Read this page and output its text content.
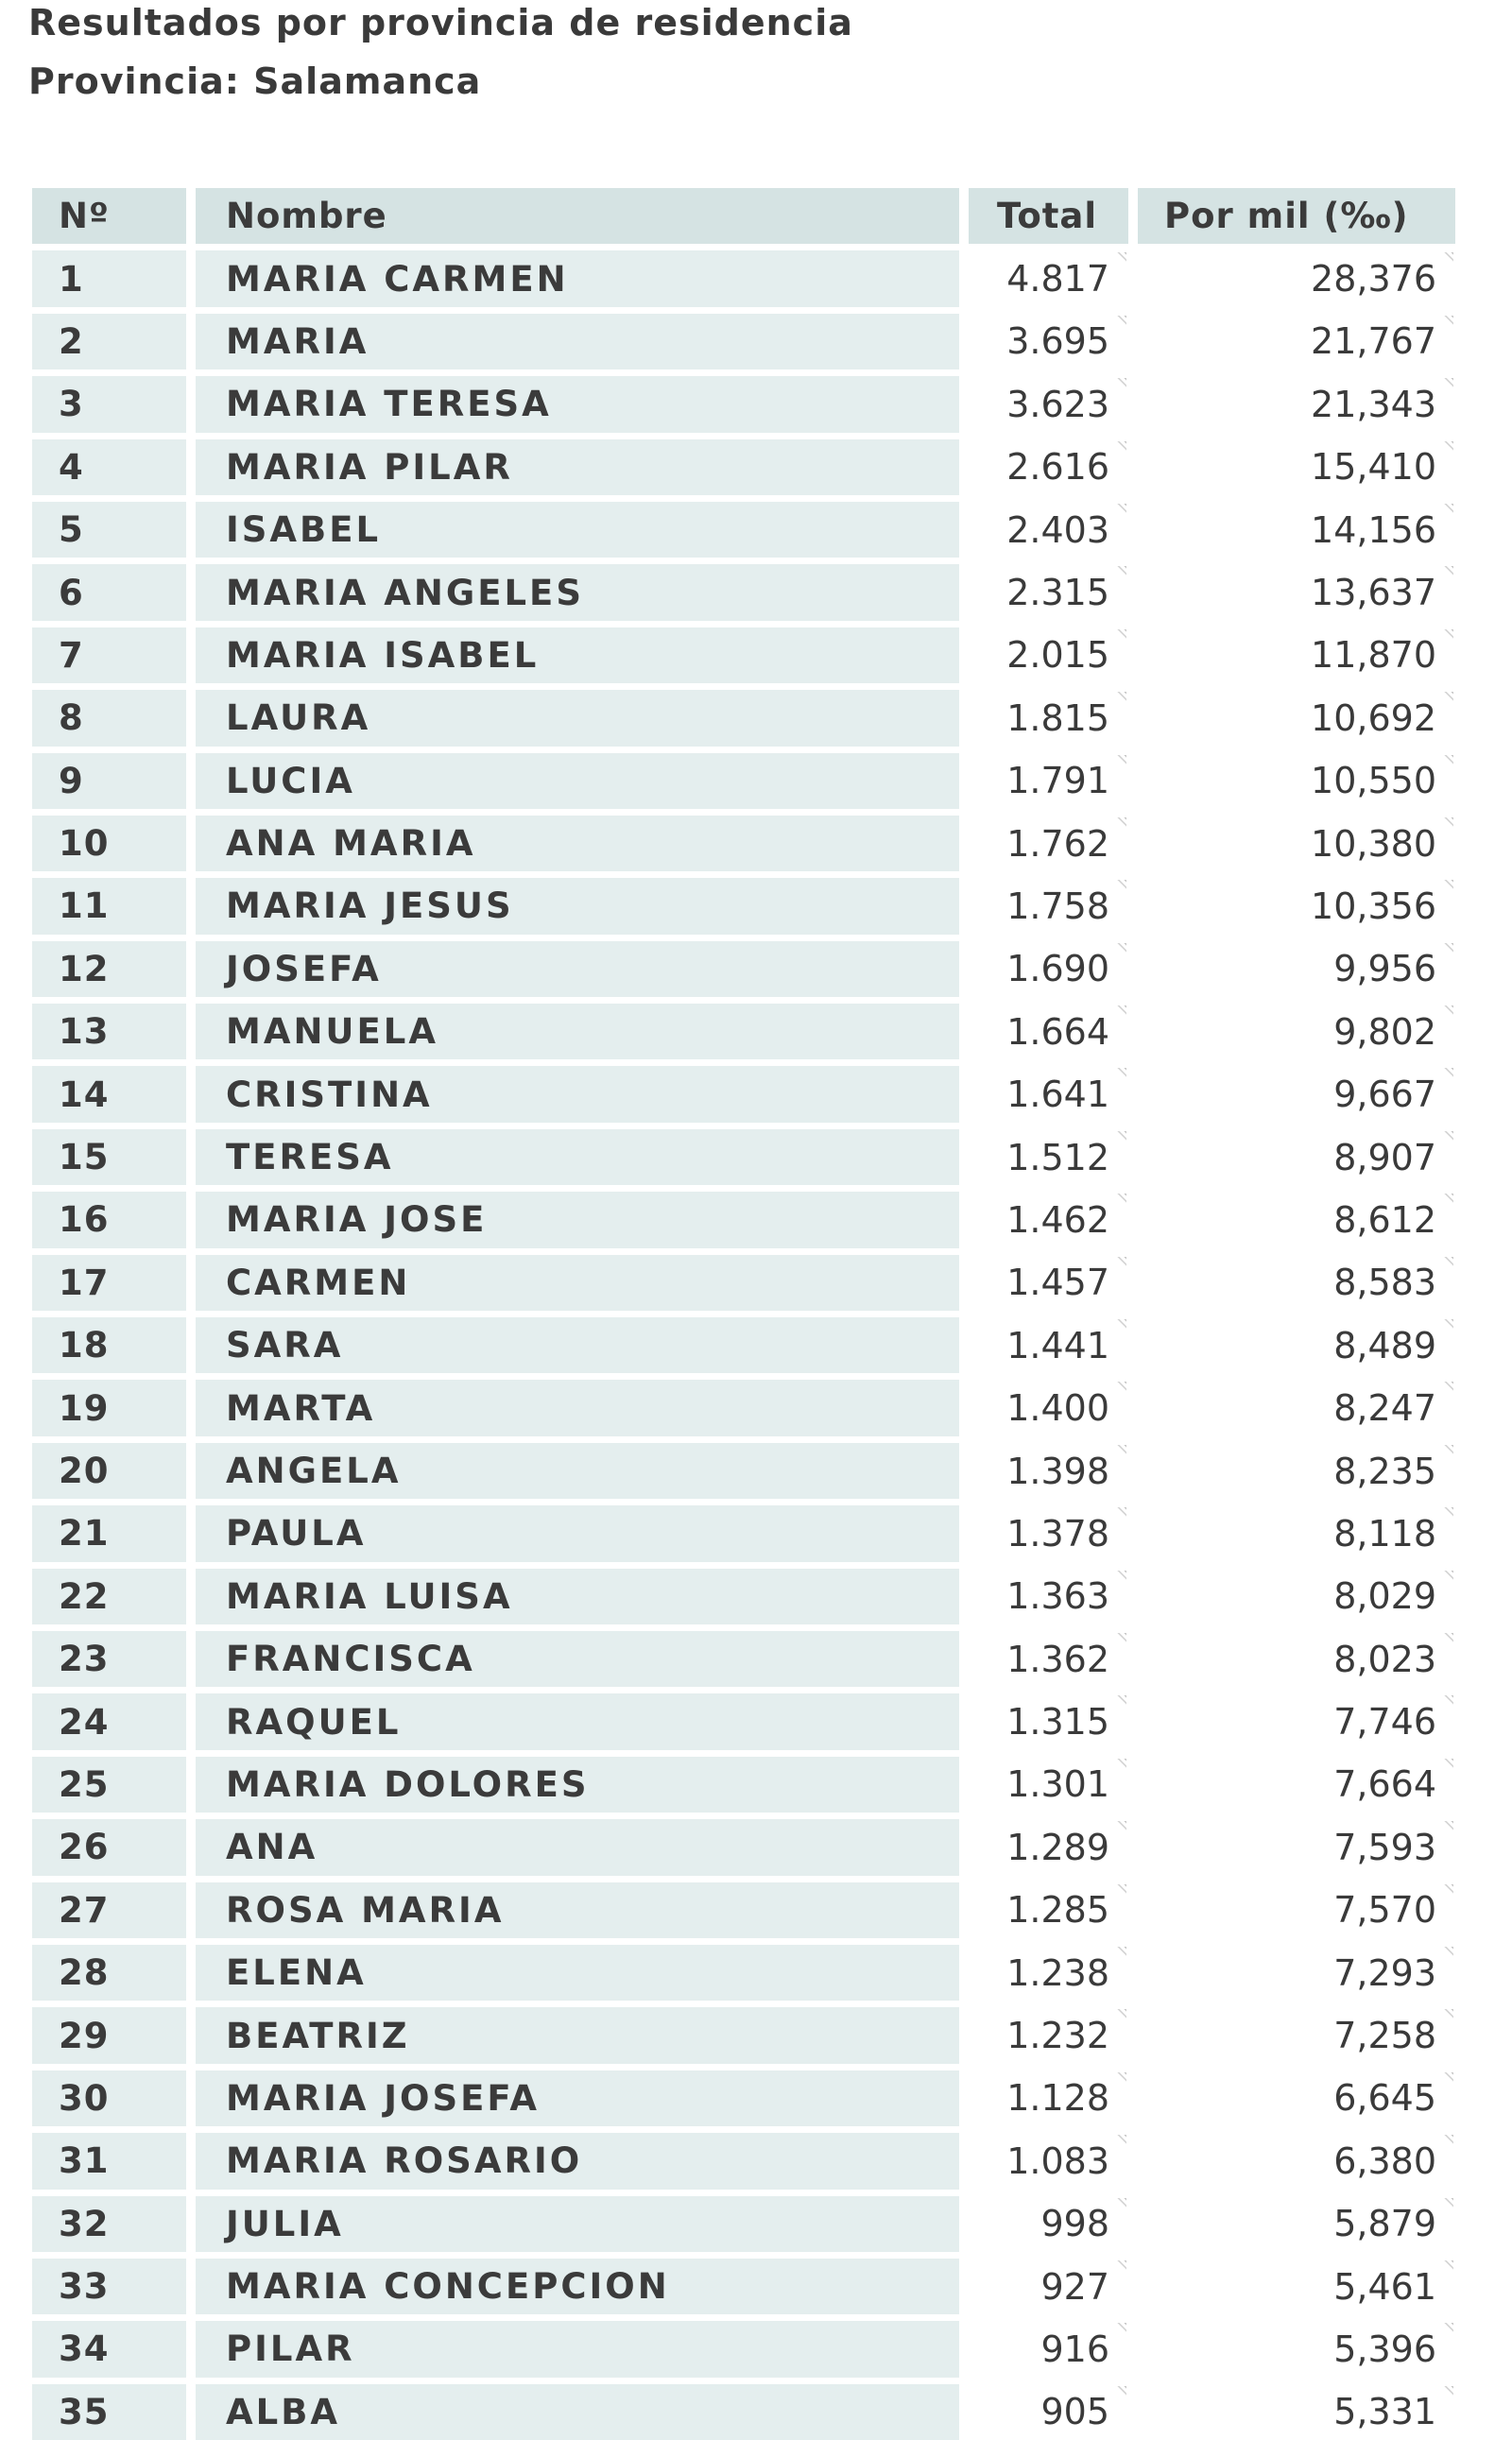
Resultados por provincia de residencia
Provincia: Salamanca
Nº	Nombre	Total	Por mil (‰)
1	MARIA CARMEN	4.817	28,376

2	MARIA	3.695	21,767

3	MARIA TERESA	3.623	21,343

4	MARIA PILAR	2.616	15,410

5	ISABEL	2.403	14,156

6	MARIA ANGELES	2.315	13,637

7	MARIA ISABEL	2.015	11,870

8	LAURA	1.815	10,692

9	LUCIA	1.791	10,550

10	ANA MARIA	1.762	10,380

11	MARIA JESUS	1.758	10,356

12	JOSEFA	1.690	9,956

13	MANUELA	1.664	9,802

14	CRISTINA	1.641	9,667

15	TERESA	1.512	8,907

16	MARIA JOSE	1.462	8,612

17	CARMEN	1.457	8,583

18	SARA	1.441	8,489

19	MARTA	1.400	8,247

20	ANGELA	1.398	8,235

21	PAULA	1.378	8,118

22	MARIA LUISA	1.363	8,029

23	FRANCISCA	1.362	8,023

24	RAQUEL	1.315	7,746

25	MARIA DOLORES	1.301	7,664

26	ANA	1.289	7,593

27	ROSA MARIA	1.285	7,570

28	ELENA	1.238	7,293

29	BEATRIZ	1.232	7,258

30	MARIA JOSEFA	1.128	6,645

31	MARIA ROSARIO	1.083	6,380

32	JULIA	998	5,879

33	MARIA CONCEPCION	927	5,461

34	PILAR	916	5,396

35	ALBA	905	5,331
